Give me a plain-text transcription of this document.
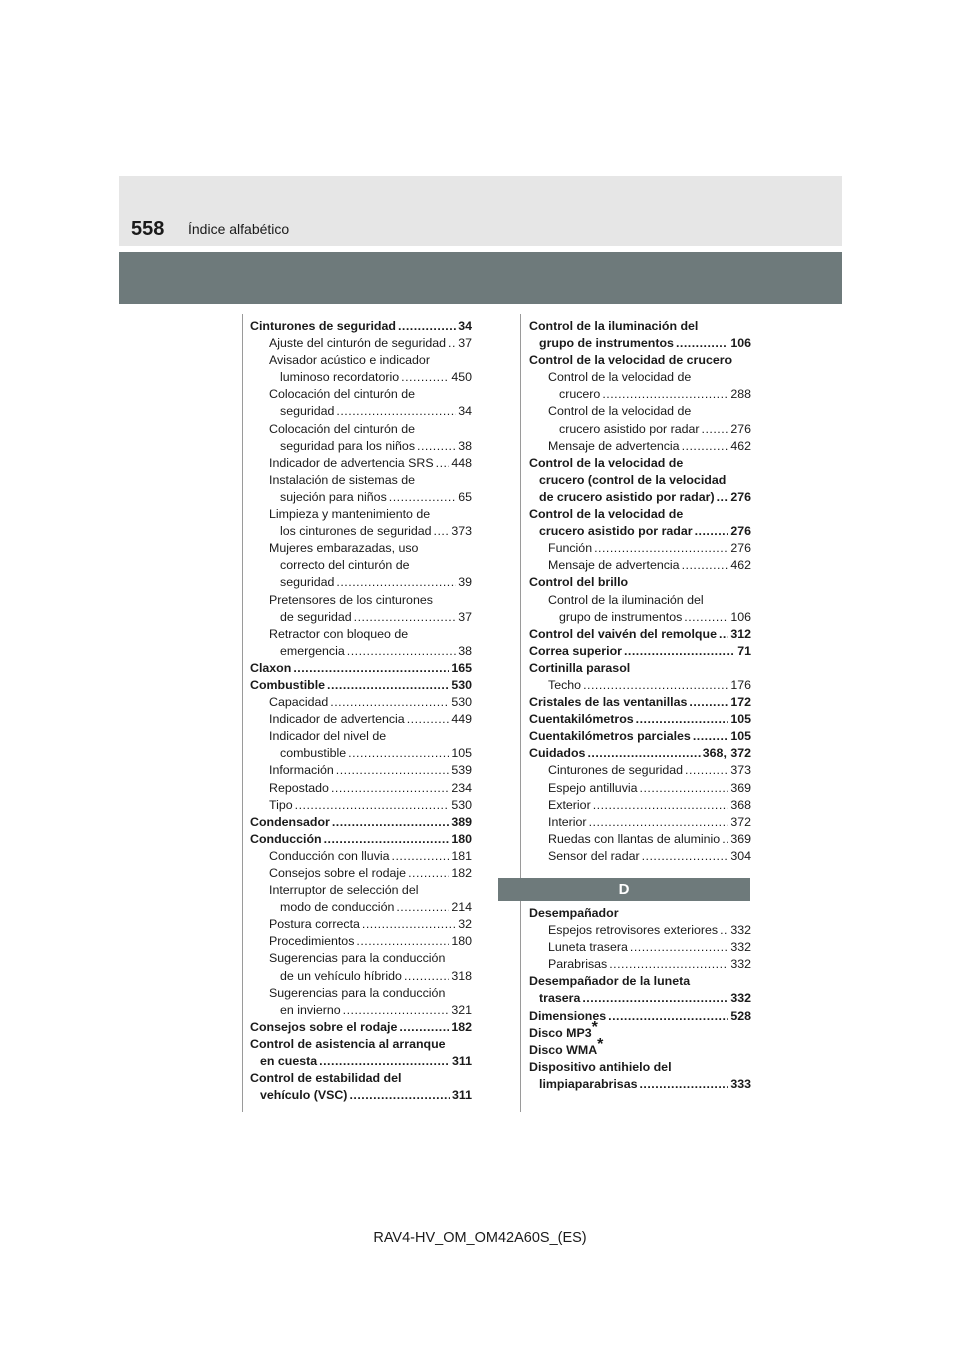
558 Índice alfabético
Cinturones de seguridad .....	34
Ajuste del cinturón de seguridad ..... 37
Avisador acústico e indicador
luminoso recordatorio .....	450
Colocación del cinturón de
seguridad .....	34
Colocación del cinturón de
seguridad para los niños .....	38
Indicador de advertencia SRS ..... 448
Instalación de sistemas de
sujeción para niños .....	65
Limpieza y mantenimiento de
los cinturones de seguridad ..... 373
Mujeres embarazadas, uso
correcto del cinturón de
seguridad .....	39
Pretensores de los cinturones
de seguridad .....	37
Retractor con bloqueo de
emergencia .....	38
Claxon .....	165
Combustible .....	530
Capacidad .....	530
Indicador de advertencia .....	449
Indicador del nivel de
combustible .....	105
Información .....	539
Repostado .....	234
Tipo .....	530
Condensador .....	389
Conducción .....	180
Conducción con lluvia .....	181
Consejos sobre el rodaje .....	182
Interruptor de selección del
modo de conducción .....	214
Postura correcta .....	32
Procedimientos .....	180
Sugerencias para la conducción
de un vehículo híbrido .....	318
Sugerencias para la conducción
en invierno .....	321
Consejos sobre el rodaje .....	182
Control de asistencia al arranque
en cuesta .....	311
Control de estabilidad del
vehículo (VSC) .....	311
Control de la iluminación del
grupo de instrumentos .....	106
Control de la velocidad de crucero
Control de la velocidad de
crucero .....	288
Control de la velocidad de
crucero asistido por radar ..... 276
Mensaje de advertencia .....	462
Control de la velocidad de
crucero (control de la velocidad
de crucero asistido por radar) ..... 276
Control de la velocidad de
crucero asistido por radar .....	276
Función .....	276
Mensaje de advertencia .....	462
Control del brillo
Control de la iluminación del
grupo de instrumentos .....	106
Control del vaivén del remolque ..... 312
Correa superior .....	71
Cortinilla parasol
Techo .....	176
Cristales de las ventanillas .....	172
Cuentakilómetros .....	105
Cuentakilómetros parciales .....	105
Cuidados .....	368, 372
Cinturones de seguridad .....	373
Espejo antilluvia .....	369
Exterior .....	368
Interior .....	372
Ruedas con llantas de aluminio ..... 369
Sensor del radar .....	304
D
Desempañador
Espejos retrovisores exteriores ..... 332
Luneta trasera .....	332
Parabrisas .....	332
Desempañador de la luneta
trasera .....	332
Dimensiones .....	528
Disco MP3*
Disco WMA*
Dispositivo antihielo del
limpiaparabrisas .....	333
RAV4-HV_OM_OM42A60S_(ES)
